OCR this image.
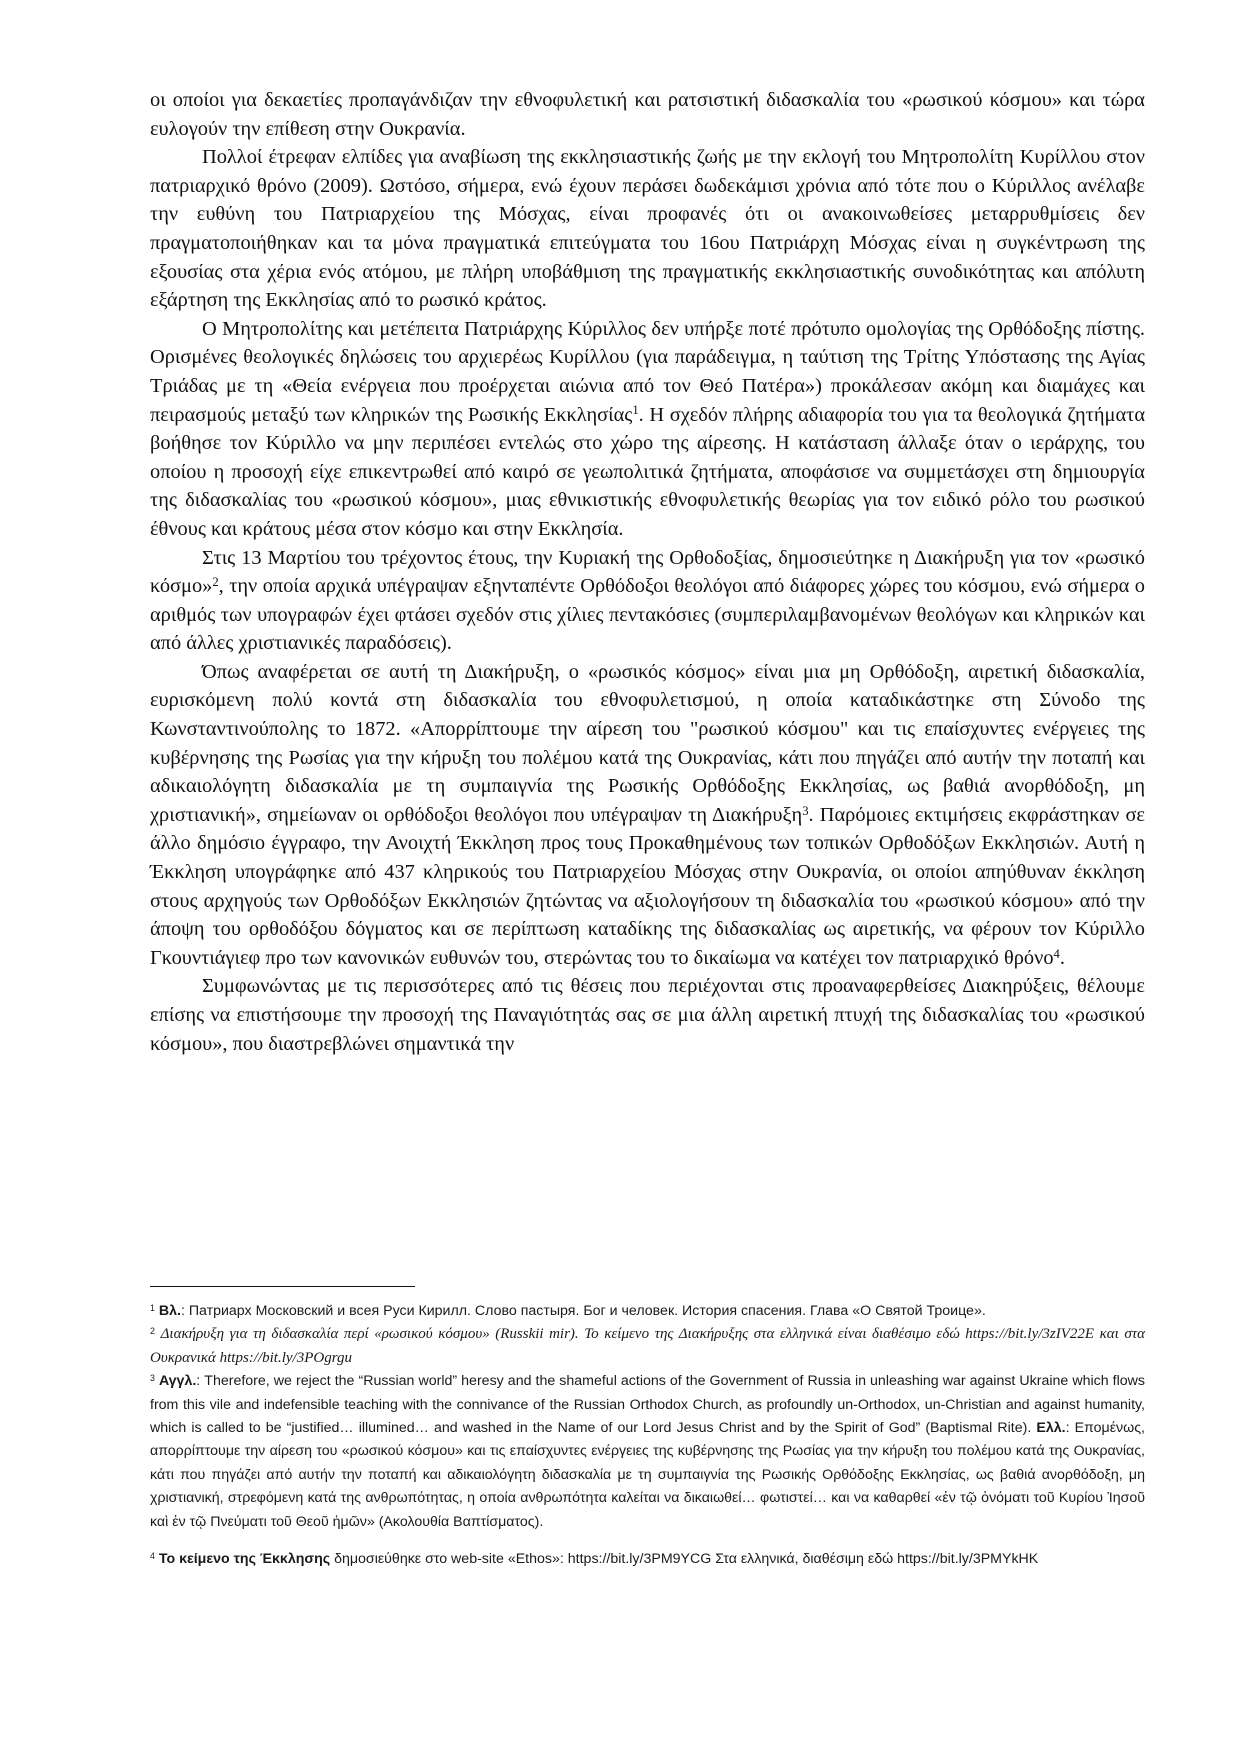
οι οποίοι για δεκαετίες προπαγάνδιζαν την εθνοφυλετική και ρατσιστική διδασκαλία του «ρωσικού κόσμου» και τώρα ευλογούν την επίθεση στην Ουκρανία.

Πολλοί έτρεφαν ελπίδες για αναβίωση της εκκλησιαστικής ζωής με την εκλογή του Μητροπολίτη Κυρίλλου στον πατριαρχικό θρόνο (2009). Ωστόσο, σήμερα, ενώ έχουν περάσει δωδεκάμισι χρόνια από τότε που ο Κύριλλος ανέλαβε την ευθύνη του Πατριαρχείου της Μόσχας, είναι προφανές ότι οι ανακοινωθείσες μεταρρυθμίσεις δεν πραγματοποιήθηκαν και τα μόνα πραγματικά επιτεύγματα του 16ου Πατριάρχη Μόσχας είναι η συγκέντρωση της εξουσίας στα χέρια ενός ατόμου, με πλήρη υποβάθμιση της πραγματικής εκκλησιαστικής συνοδικότητας και απόλυτη εξάρτηση της Εκκλησίας από το ρωσικό κράτος.

Ο Μητροπολίτης και μετέπειτα Πατριάρχης Κύριλλος δεν υπήρξε ποτέ πρότυπο ομολογίας της Ορθόδοξης πίστης. Ορισμένες θεολογικές δηλώσεις του αρχιερέως Κυρίλλου (για παράδειγμα, η ταύτιση της Τρίτης Υπόστασης της Αγίας Τριάδας με τη «Θεία ενέργεια που προέρχεται αιώνια από τον Θεό Πατέρα») προκάλεσαν ακόμη και διαμάχες και πειρασμούς μεταξύ των κληρικών της Ρωσικής Εκκλησίας$^1$. Η σχεδόν πλήρης αδιαφορία του για τα θεολογικά ζητήματα βοήθησε τον Κύριλλο να μην περιπέσει εντελώς στο χώρο της αίρεσης. Η κατάσταση άλλαξε όταν ο ιεράρχης, του οποίου η προσοχή είχε επικεντρωθεί από καιρό σε γεωπολιτικά ζητήματα, αποφάσισε να συμμετάσχει στη δημιουργία της διδασκαλίας του «ρωσικού κόσμου», μιας εθνικιστικής εθνοφυλετικής θεωρίας για τον ειδικό ρόλο του ρωσικού έθνους και κράτους μέσα στον κόσμο και στην Εκκλησία.

Στις 13 Μαρτίου του τρέχοντος έτους, την Κυριακή της Ορθοδοξίας, δημοσιεύτηκε η Διακήρυξη για τον «ρωσικό κόσμο»$^2$, την οποία αρχικά υπέγραψαν εξηνταπέντε Ορθόδοξοι θεολόγοι από διάφορες χώρες του κόσμου, ενώ σήμερα ο αριθμός των υπογραφών έχει φτάσει σχεδόν στις χίλιες πεντακόσιες (συμπεριλαμβανομένων θεολόγων και κληρικών και από άλλες χριστιανικές παραδόσεις).

Όπως αναφέρεται σε αυτή τη Διακήρυξη, ο «ρωσικός κόσμος» είναι μια μη Ορθόδοξη, αιρετική διδασκαλία, ευρισκόμενη πολύ κοντά στη διδασκαλία του εθνοφυλετισμού, η οποία καταδικάστηκε στη Σύνοδο της Κωνσταντινούπολης το 1872. «Απορρίπτουμε την αίρεση του "ρωσικού κόσμου" και τις επαίσχυντες ενέργειες της κυβέρνησης της Ρωσίας για την κήρυξη του πολέμου κατά της Ουκρανίας, κάτι που πηγάζει από αυτήν την ποταπή και αδικαιολόγητη διδασκαλία με τη συμπαιγνία της Ρωσικής Ορθόδοξης Εκκλησίας, ως βαθιά ανορθόδοξη, μη χριστιανική», σημείωναν οι ορθόδοξοι θεολόγοι που υπέγραψαν τη Διακήρυξη$^3$. Παρόμοιες εκτιμήσεις εκφράστηκαν σε άλλο δημόσιο έγγραφο, την Ανοιχτή Έκκληση προς τους Προκαθημένους των τοπικών Ορθοδόξων Εκκλησιών. Αυτή η Έκκληση υπογράφηκε από 437 κληρικούς του Πατριαρχείου Μόσχας στην Ουκρανία, οι οποίοι απηύθυναν έκκληση στους αρχηγούς των Ορθοδόξων Εκκλησιών ζητώντας να αξιολογήσουν τη διδασκαλία του «ρωσικού κόσμου» από την άποψη του ορθοδόξου δόγματος και σε περίπτωση καταδίκης της διδασκαλίας ως αιρετικής, να φέρουν τον Κύριλλο Γκουντιάγιεφ προ των κανονικών ευθυνών του, στερώντας του το δικαίωμα να κατέχει τον πατριαρχικό θρόνο$^4$.

Συμφωνώντας με τις περισσότερες από τις θέσεις που περιέχονται στις προαναφερθείσες Διακηρύξεις, θέλουμε επίσης να επιστήσουμε την προσοχή της Παναγιότητάς σας σε μια άλλη αιρετική πτυχή της διδασκαλίας του «ρωσικού κόσμου», που διαστρεβλώνει σημαντικά την

$^1$ Βλ.: Патриарх Московский и всея Руси Кирилл. Слово пастыря. Бог и человек. История спасения. Глава «О Святой Троице».

$^2$ Διακήρυξη για τη διδασκαλία περί «ρωσικού κόσμου» (Russkii mir). Το κείμενο της Διακήρυξης στα ελληνικά είναι διαθέσιμο εδώ https://bit.ly/3zIV22E και στα Ουκρανικά https://bit.ly/3POgrgu

$^3$ Αγγλ.: Therefore, we reject the “Russian world” heresy and the shameful actions of the Government of Russia in unleashing war against Ukraine which flows from this vile and indefensible teaching with the connivance of the Russian Orthodox Church, as profoundly un-Orthodox, un-Christian and against humanity, which is called to be “justified… illumined… and washed in the Name of our Lord Jesus Christ and by the Spirit of God” (Baptismal Rite). Ελλ.: Επομένως, απορρίπτουμε την αίρεση του «ρωσικού κόσμου» και τις επαίσχυντες ενέργειες της κυβέρνησης της Ρωσίας για την κήρυξη του πολέμου κατά της Ουκρανίας, κάτι που πηγάζει από αυτήν την ποταπή και αδικαιολόγητη διδασκαλία με τη συμπαιγνία της Ρωσικής Ορθόδοξης Εκκλησίας, ως βαθιά ανορθόδοξη, μη χριστιανική, στρεφόμενη κατά της ανθρωπότητας, η οποία ανθρωπότητα καλείται να δικαιωθεί… φωτιστεί… και να καθαρθεί «ἐν τῷ ὀνόματι τοῦ Κυρίου Ἰησοῦ καὶ ἐν τῷ Πνεύματι τοῦ Θεοῦ ἡμῶν» (Ακολουθία Βαπτίσματος).

$^4$ Το κείμενο της Έκκλησης δημοσιεύθηκε στο web-site «Ethos»: https://bit.ly/3PM9YCG Στα ελληνικά, διαθέσιμη εδώ https://bit.ly/3PMYkHK
